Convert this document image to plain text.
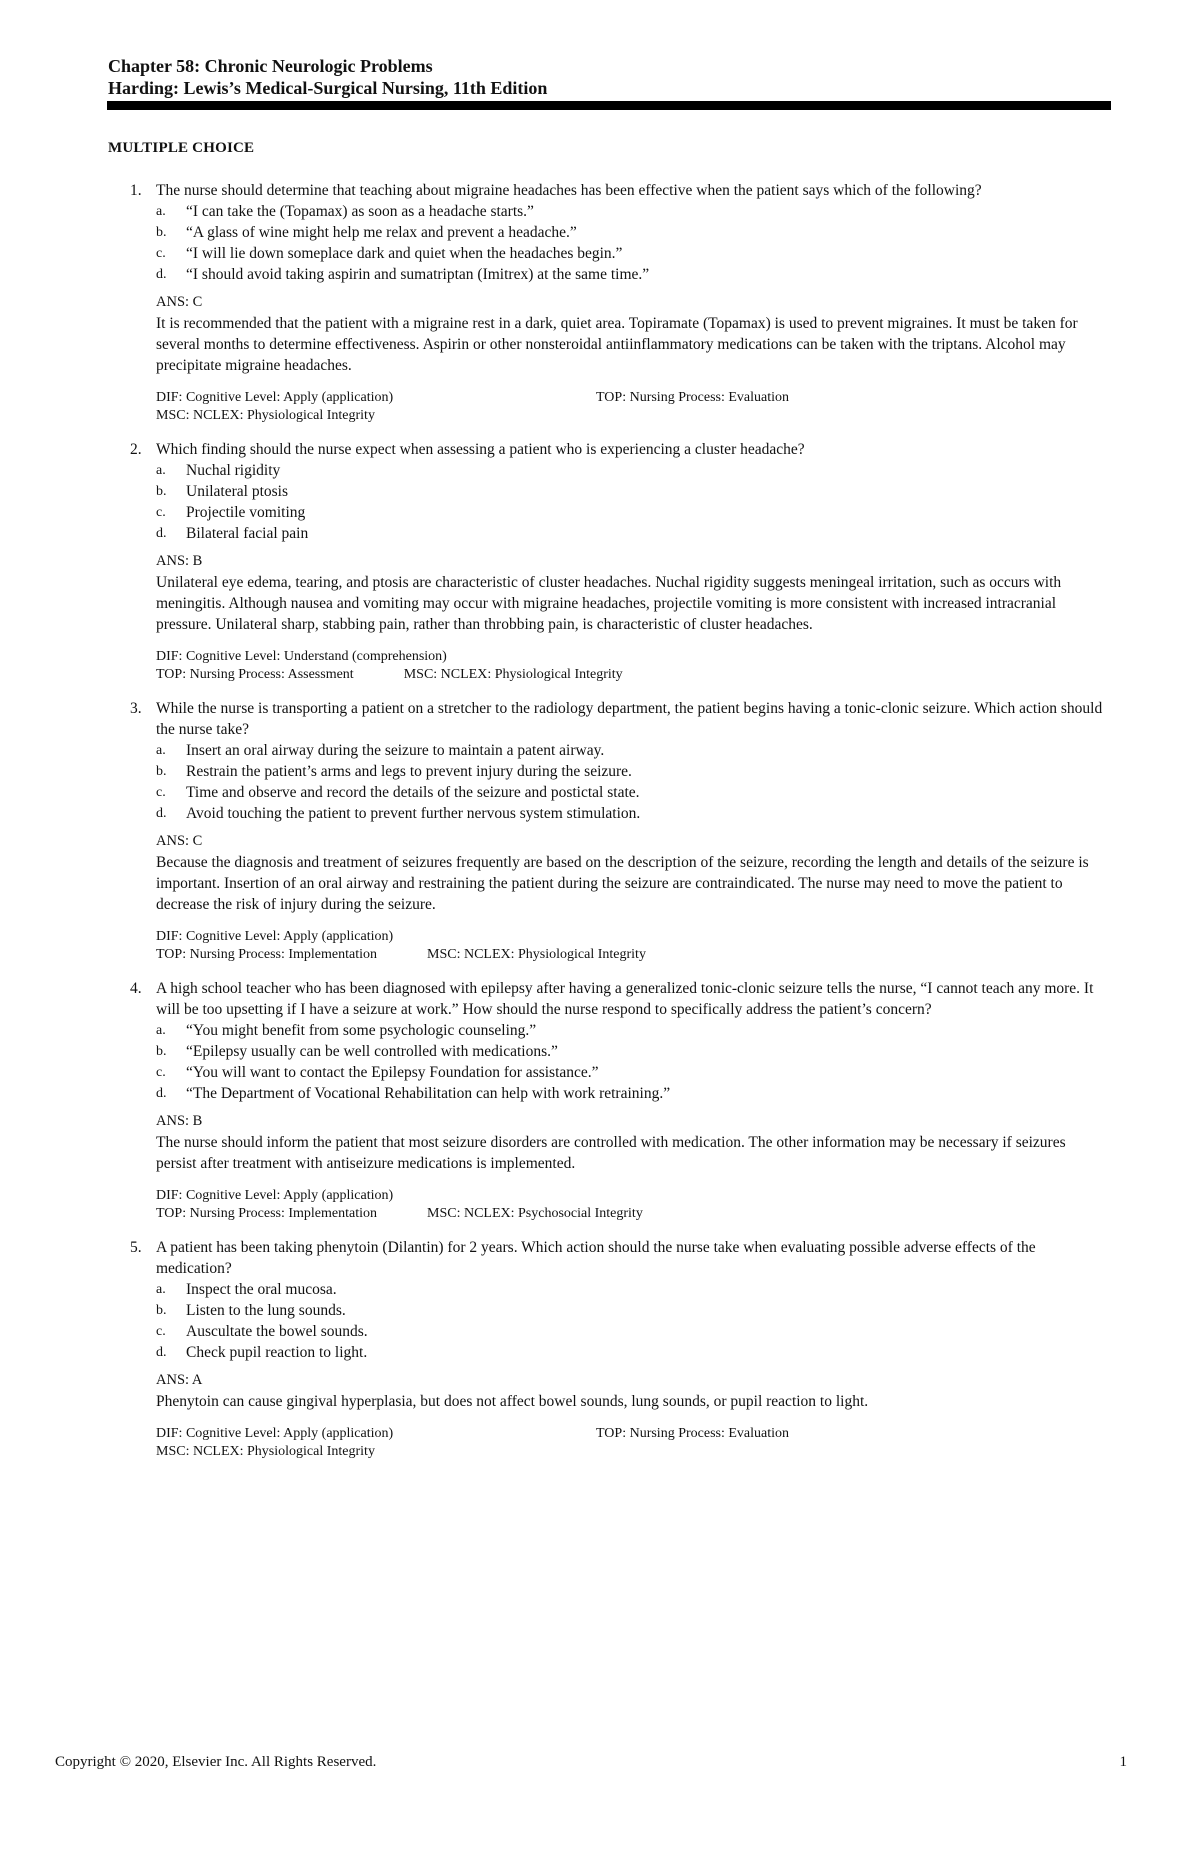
Chapter 58: Chronic Neurologic Problems
Harding: Lewis’s Medical-Surgical Nursing, 11th Edition
MULTIPLE CHOICE
1. The nurse should determine that teaching about migraine headaches has been effective when the patient says which of the following?

a. “I can take the (Topamax) as soon as a headache starts.”
b. “A glass of wine might help me relax and prevent a headache.”
c. “I will lie down someplace dark and quiet when the headaches begin.”
d. “I should avoid taking aspirin and sumatriptan (Imitrex) at the same time.”
ANS: C

It is recommended that the patient with a migraine rest in a dark, quiet area. Topiramate (Topamax) is used to prevent migraines. It must be taken for several months to determine effectiveness. Aspirin or other nonsteroidal antiinflammatory medications can be taken with the triptans. Alcohol may precipitate migraine headaches.

DIF: Cognitive Level: Apply (application)	TOP: Nursing Process: Evaluation
MSC: NCLEX: Physiological Integrity
2. Which finding should the nurse expect when assessing a patient who is experiencing a cluster headache?

a. Nuchal rigidity
b. Unilateral ptosis
c. Projectile vomiting
d. Bilateral facial pain
ANS: B

Unilateral eye edema, tearing, and ptosis are characteristic of cluster headaches. Nuchal rigidity suggests meningeal irritation, such as occurs with meningitis. Although nausea and vomiting may occur with migraine headaches, projectile vomiting is more consistent with increased intracranial pressure. Unilateral sharp, stabbing pain, rather than throbbing pain, is characteristic of cluster headaches.

DIF: Cognitive Level: Understand (comprehension)
TOP: Nursing Process: Assessment	MSC: NCLEX: Physiological Integrity
3. While the nurse is transporting a patient on a stretcher to the radiology department, the patient begins having a tonic-clonic seizure. Which action should the nurse take?

a. Insert an oral airway during the seizure to maintain a patent airway.
b. Restrain the patient’s arms and legs to prevent injury during the seizure.
c. Time and observe and record the details of the seizure and postictal state.
d. Avoid touching the patient to prevent further nervous system stimulation.
ANS: C

Because the diagnosis and treatment of seizures frequently are based on the description of the seizure, recording the length and details of the seizure is important. Insertion of an oral airway and restraining the patient during the seizure are contraindicated. The nurse may need to move the patient to decrease the risk of injury during the seizure.

DIF: Cognitive Level: Apply (application)
TOP: Nursing Process: Implementation	MSC: NCLEX: Physiological Integrity
4. A high school teacher who has been diagnosed with epilepsy after having a generalized tonic-clonic seizure tells the nurse, “I cannot teach any more. It will be too upsetting if I have a seizure at work.” How should the nurse respond to specifically address the patient’s concern?

a. “You might benefit from some psychologic counseling.”
b. “Epilepsy usually can be well controlled with medications.”
c. “You will want to contact the Epilepsy Foundation for assistance.”
d. “The Department of Vocational Rehabilitation can help with work retraining.”
ANS: B

The nurse should inform the patient that most seizure disorders are controlled with medication. The other information may be necessary if seizures persist after treatment with antiseizure medications is implemented.

DIF: Cognitive Level: Apply (application)
TOP: Nursing Process: Implementation	MSC: NCLEX: Psychosocial Integrity
5. A patient has been taking phenytoin (Dilantin) for 2 years. Which action should the nurse take when evaluating possible adverse effects of the medication?

a. Inspect the oral mucosa.
b. Listen to the lung sounds.
c. Auscultate the bowel sounds.
d. Check pupil reaction to light.
ANS: A

Phenytoin can cause gingival hyperplasia, but does not affect bowel sounds, lung sounds, or pupil reaction to light.

DIF: Cognitive Level: Apply (application)	TOP: Nursing Process: Evaluation
MSC: NCLEX: Physiological Integrity
Copyright © 2020, Elsevier Inc. All Rights Reserved.	1
